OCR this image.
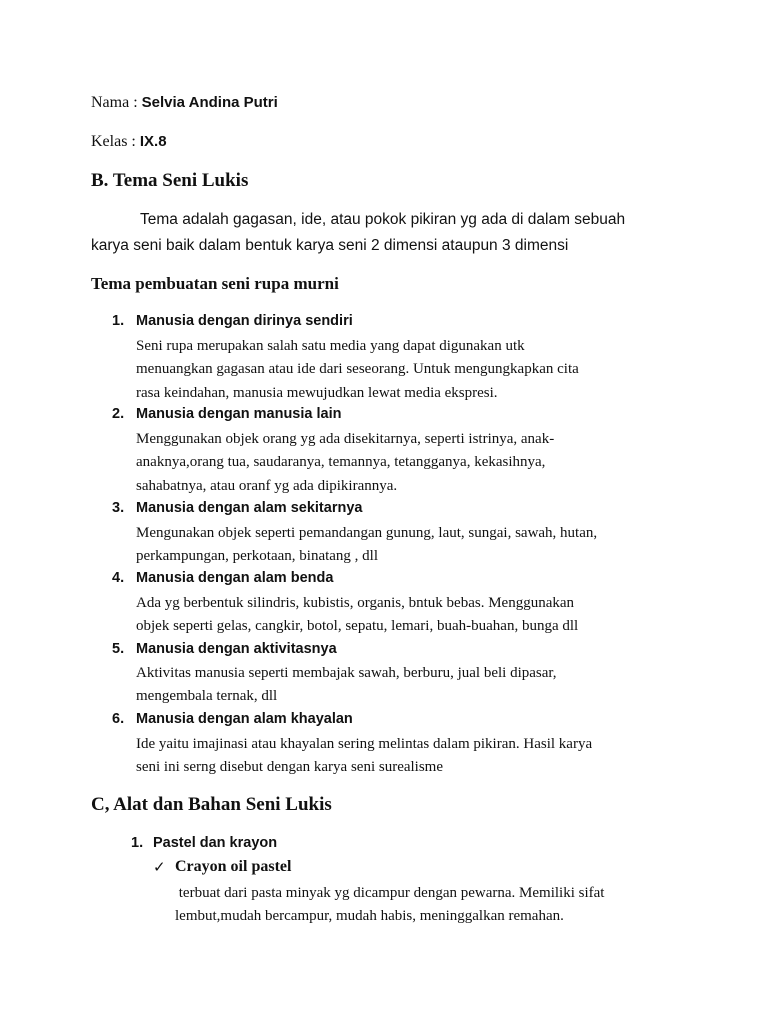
Nama : Selvia Andina Putri
Kelas : IX.8
B. Tema Seni Lukis
Tema adalah gagasan, ide, atau pokok pikiran yg ada di dalam sebuah
karya seni baik dalam bentuk karya seni 2 dimensi ataupun 3 dimensi
Tema pembuatan seni rupa murni
1. Manusia dengan dirinya sendiri
Seni rupa merupakan salah satu media yang dapat digunakan utk
menuangkan gagasan atau ide dari seseorang. Untuk mengungkapkan cita
rasa keindahan, manusia mewujudkan lewat media ekspresi.
2. Manusia dengan manusia lain
Menggunakan objek orang yg ada disekitarnya, seperti istrinya, anak-
anaknya,orang tua, saudaranya, temannya, tetangganya, kekasihnya,
sahabatnya, atau oranf yg ada dipikirannya.
3. Manusia dengan alam sekitarnya
Mengunakan objek seperti pemandangan gunung, laut, sungai, sawah, hutan,
perkampungan, perkotaan, binatang , dll
4. Manusia dengan alam benda
Ada yg berbentuk silindris, kubistis, organis, bntuk bebas. Menggunakan
objek seperti gelas, cangkir, botol, sepatu, lemari, buah-buahan, bunga dll
5. Manusia dengan aktivitasnya
Aktivitas manusia seperti membajak sawah, berburu, jual beli dipasar,
mengembala ternak, dll
6. Manusia dengan alam khayalan
Ide yaitu imajinasi atau khayalan sering melintas dalam pikiran. Hasil karya
seni ini serng disebut dengan karya seni surealisme
C, Alat dan Bahan Seni Lukis
1. Pastel dan krayon
✓ Crayon oil pastel
terbuat dari pasta minyak yg dicampur dengan pewarna. Memiliki sifat
lembut,mudah bercampur, mudah habis, meninggalkan remahan.
